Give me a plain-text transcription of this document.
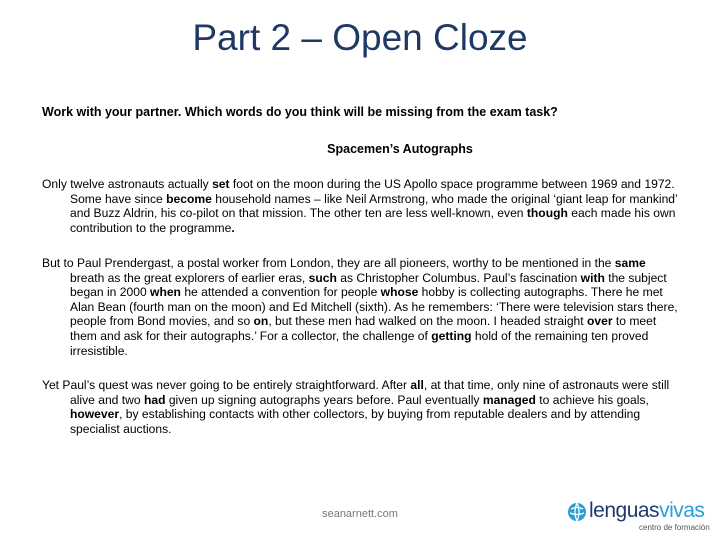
Part 2 – Open Cloze
Work with your partner. Which words do you think will be missing from the exam task?
Spacemen’s Autographs
Only twelve astronauts actually set foot on the moon during the US Apollo space programme between 1969 and 1972. Some have since become household names – like Neil Armstrong, who made the original ‘giant leap for mankind’ and Buzz Aldrin, his co-pilot on that mission. The other ten are less well-known, even though each made his own contribution to the programme.
But to Paul Prendergast, a postal worker from London, they are all pioneers, worthy to be mentioned in the same breath as the great explorers of earlier eras, such as Christopher Columbus. Paul’s fascination with the subject began in 2000 when he attended a convention for people whose hobby is collecting autographs. There he met Alan Bean (fourth man on the moon) and Ed Mitchell (sixth). As he remembers: ‘There were television stars there, people from Bond movies, and so on, but these men had walked on the moon. I headed straight over to meet them and ask for their autographs.’ For a collector, the challenge of getting hold of the remaining ten proved irresistible.
Yet Paul’s quest was never going to be entirely straightforward. After all, at that time, only nine of astronauts were still alive and two had given up signing autographs years before. Paul eventually managed to achieve his goals, however, by establishing contacts with other collectors, by buying from reputable dealers and by attending specialist auctions.
seanarnett.com	lenguasvivas
centro de formación
